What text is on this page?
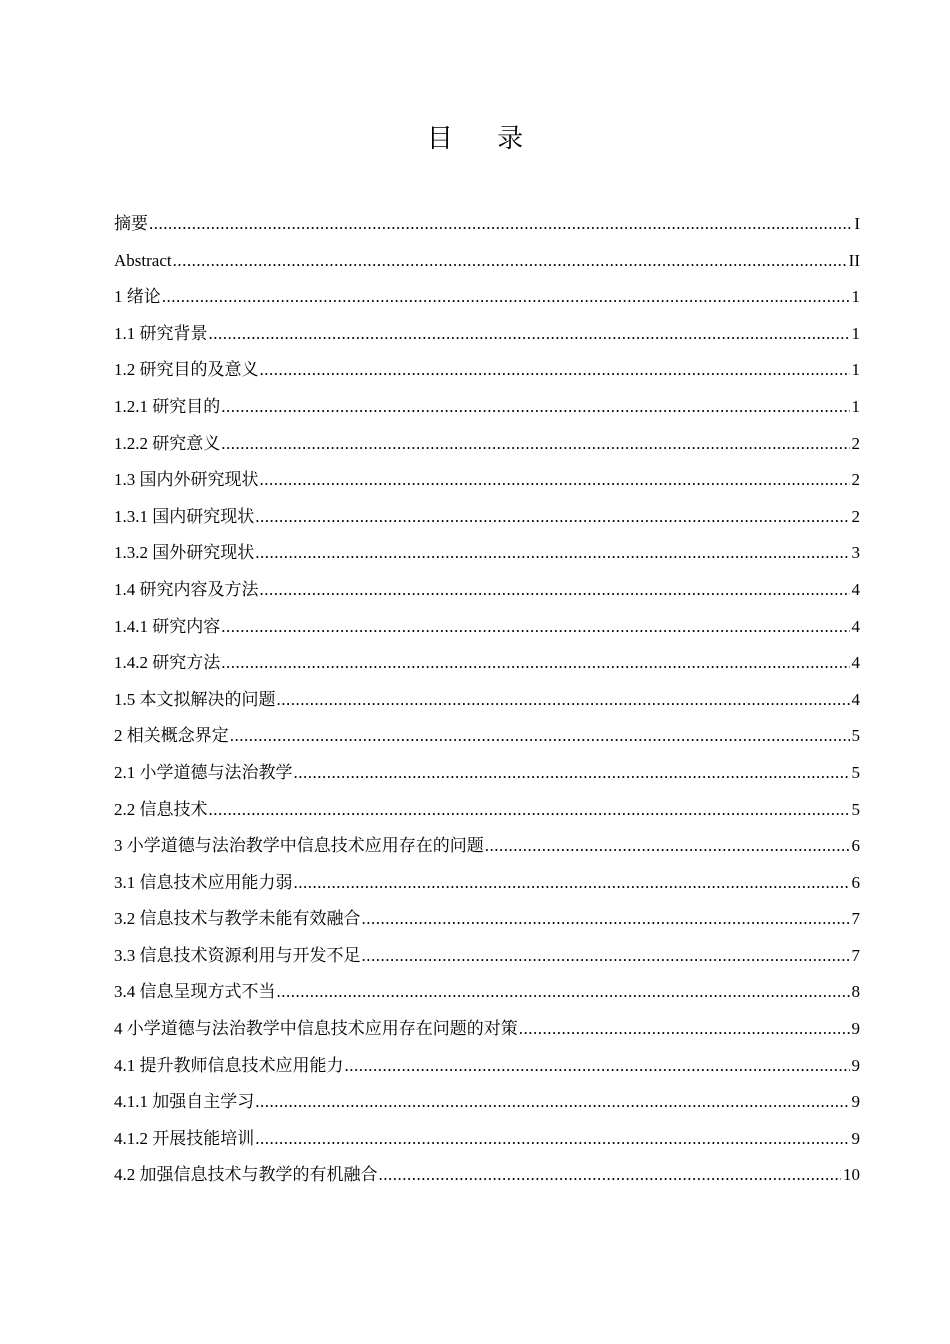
目 录
摘要 .....	I
Abstract .....	II
1 绪论 .....	1
1.1 研究背景 .....	1
1.2 研究目的及意义 .....	1
1.2.1 研究目的 .....	1
1.2.2 研究意义 .....	2
1.3 国内外研究现状 .....	2
1.3.1 国内研究现状 .....	2
1.3.2 国外研究现状 .....	3
1.4 研究内容及方法 .....	4
1.4.1 研究内容 .....	4
1.4.2 研究方法 .....	4
1.5 本文拟解决的问题 .....	4
2 相关概念界定 .....	5
2.1 小学道德与法治教学 .....	5
2.2 信息技术 .....	5
3 小学道德与法治教学中信息技术应用存在的问题 .....	6
3.1 信息技术应用能力弱 .....	6
3.2 信息技术与教学未能有效融合 .....	7
3.3 信息技术资源利用与开发不足 .....	7
3.4 信息呈现方式不当 .....	8
4 小学道德与法治教学中信息技术应用存在问题的对策 .....	9
4.1 提升教师信息技术应用能力 .....	9
4.1.1 加强自主学习 .....	9
4.1.2 开展技能培训 .....	9
4.2 加强信息技术与教学的有机融合 .....	10
